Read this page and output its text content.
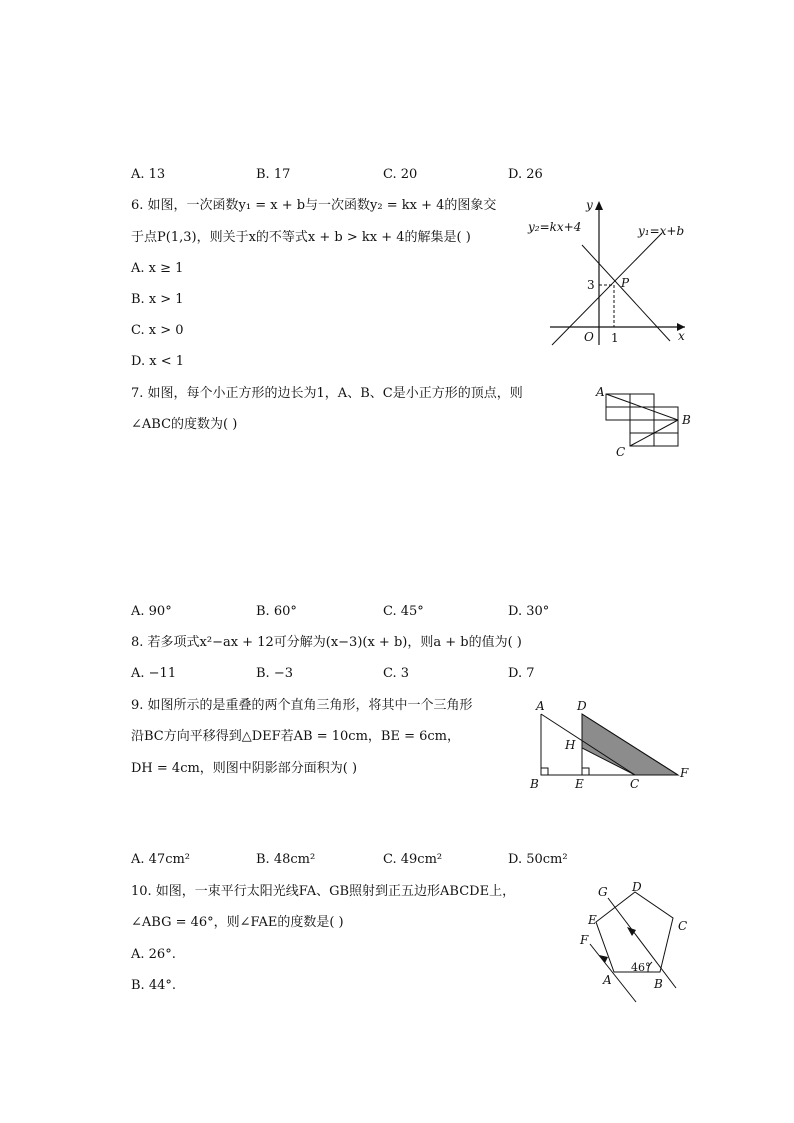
A. 13	B. 17	C. 20	D. 26
6. 如图，一次函数y₁ = x + b与一次函数y₂ = kx + 4的图象交
于点P(1,3)，则关于x的不等式x + b > kx + 4的解集是( )
A. x ≥ 1
B. x > 1
C. x > 0
D. x < 1
y₂=kx+4	y₁=x+b
y
x
O 1
3 P
7. 如图，每个小正方形的边长为1，A、B、C是小正方形的顶点，则
∠ABC的度数为( )
A
B
C
A. 90°	B. 60°	C. 45°	D. 30°
8. 若多项式x²−ax + 12可分解为(x−3)(x + b)，则a + b的值为( )
A. −11	B. −3	C. 3	D. 7
9. 如图所示的是重叠的两个直角三角形，将其中一个三角形
沿BC方向平移得到△DEF若AB = 10cm，BE = 6cm，
DH = 4cm，则图中阴影部分面积为( )
A	D
H
B	E	C
F
A. 47cm²	B. 48cm²	C. 49cm²	D. 50cm²
10. 如图，一束平行太阳光线FA、GB照射到正五边形ABCDE上，
∠ABG = 46°，则∠FAE的度数是( )
A. 26°.
B. 44°.
G D
E	C
F
A	B
46°
